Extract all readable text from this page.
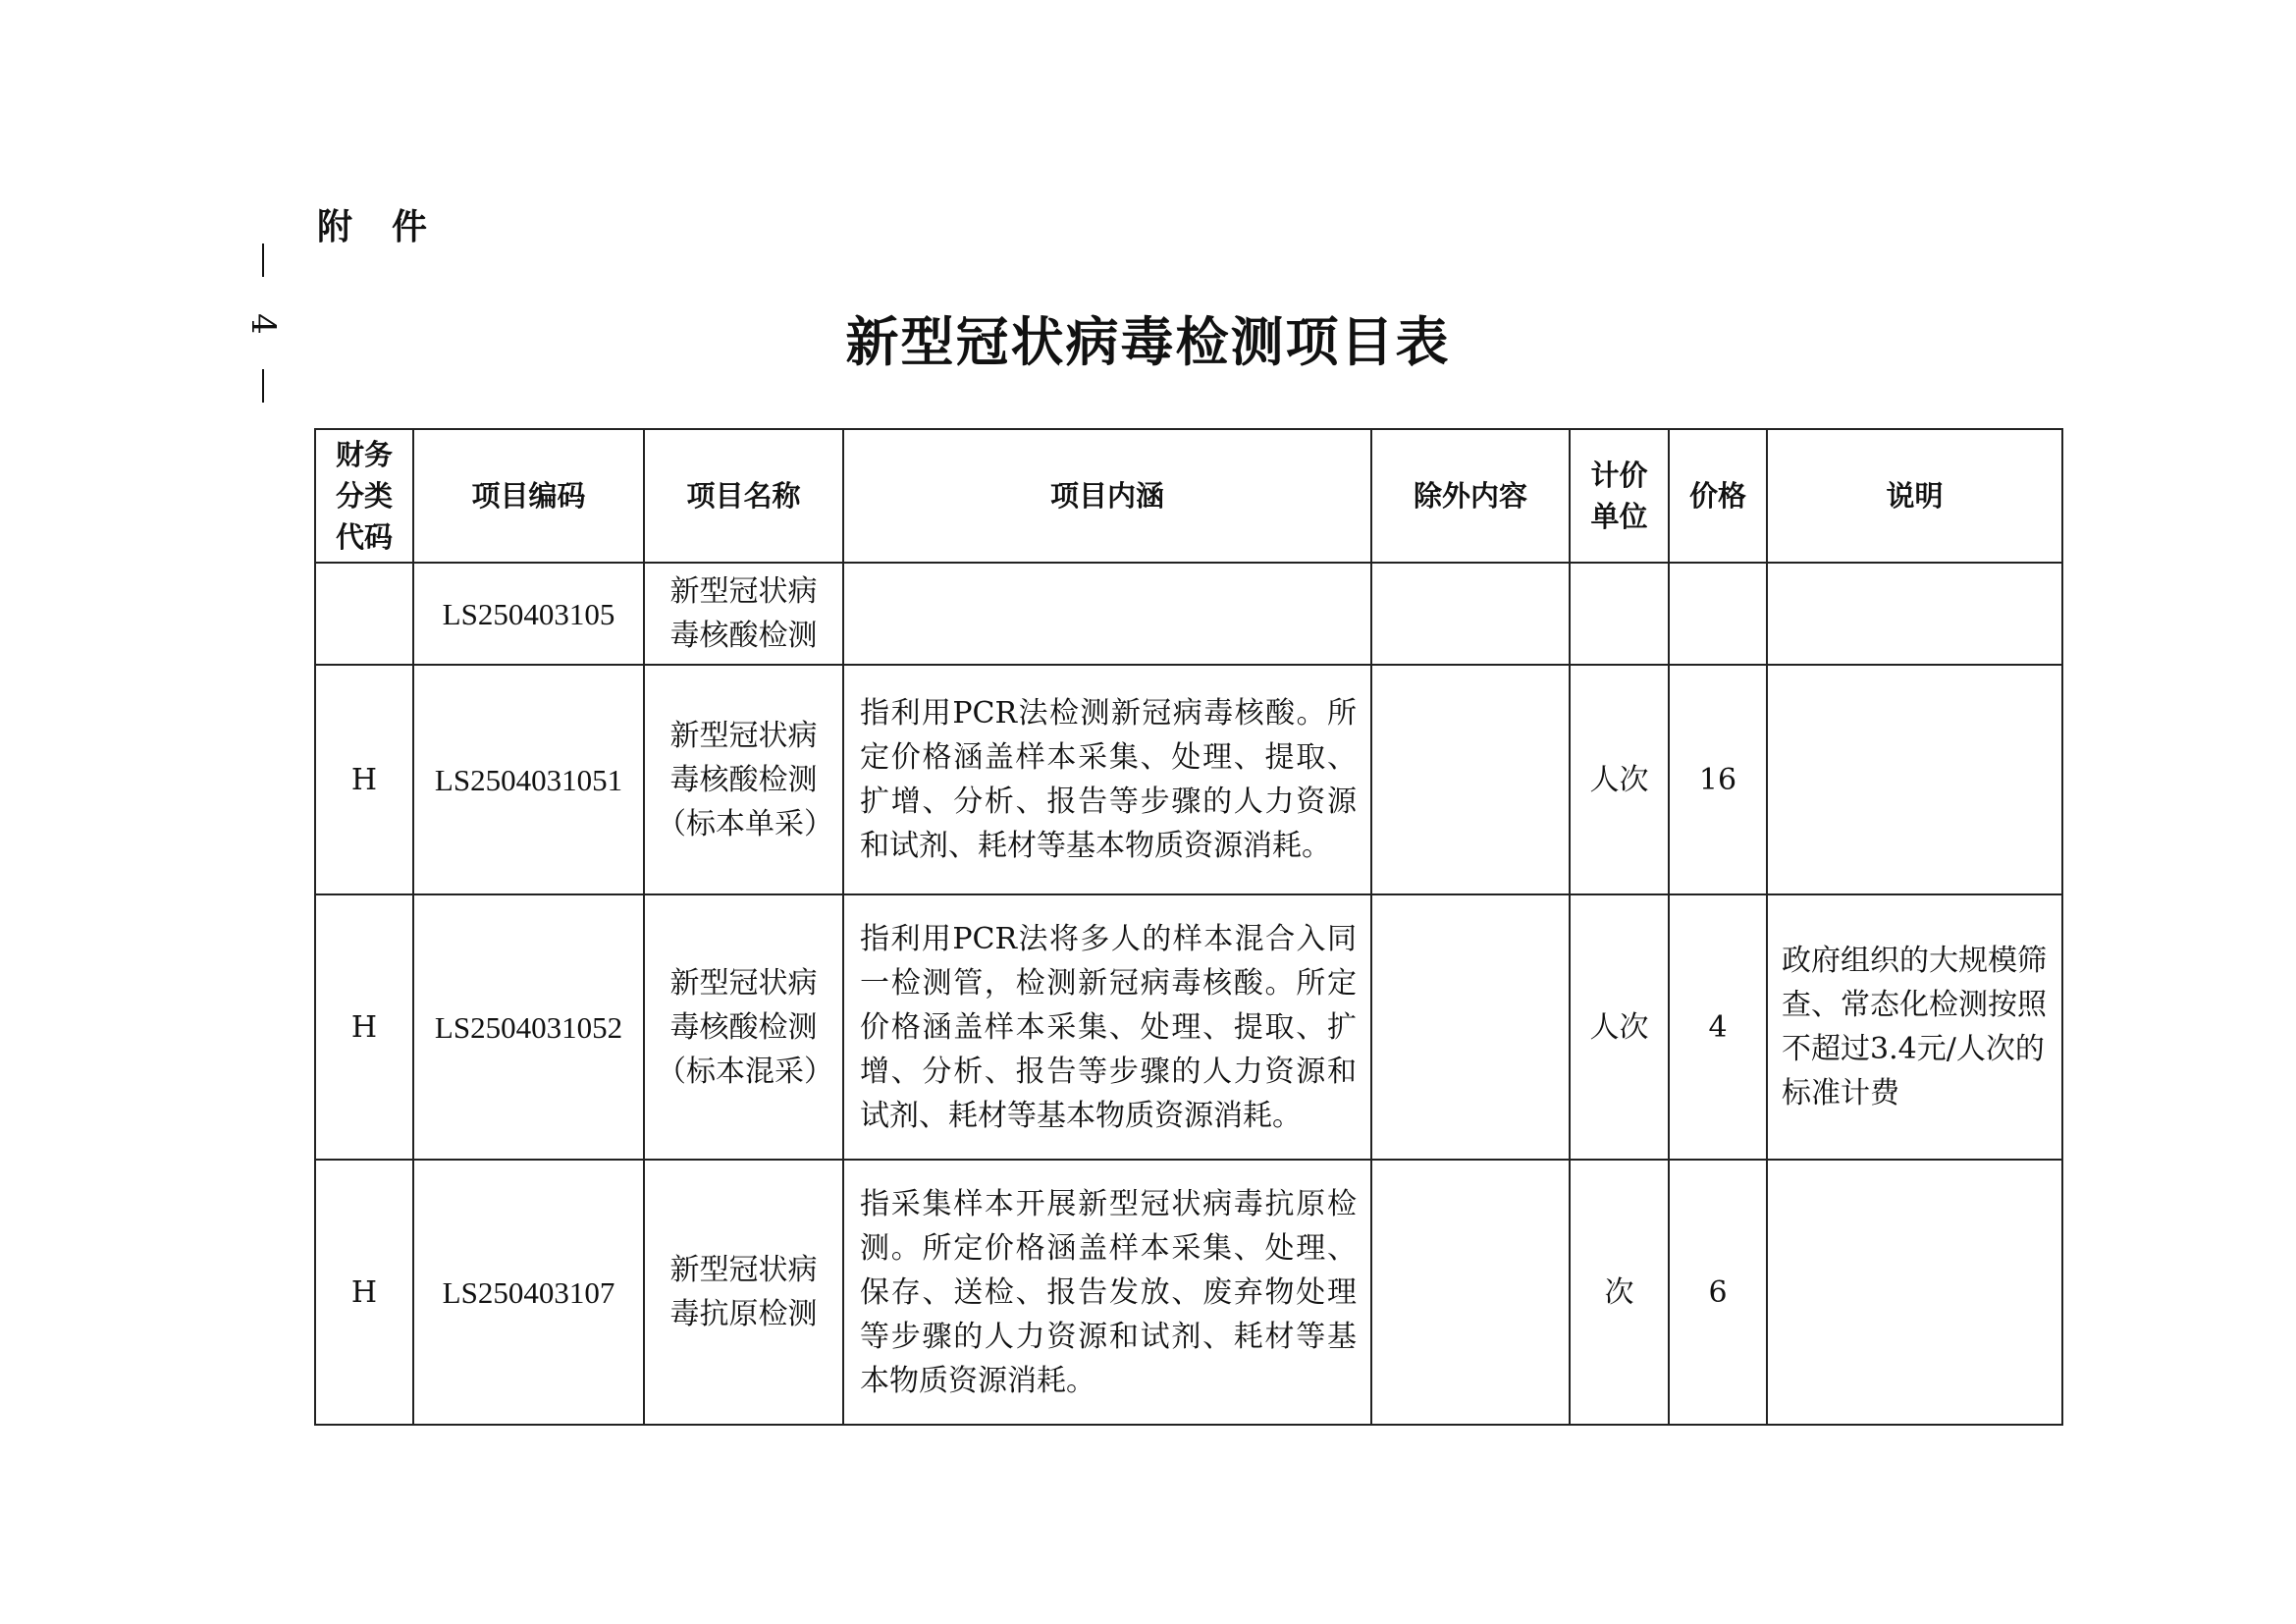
附件
4	新型冠状病毒检测项目表
财务分类代码	项目编码	项目名称	项目内涵	除外内容	计价单位	价格	说明
	LS250403105	新型冠状病毒核酸检测					
H	LS2504031051	新型冠状病毒核酸检测（标本单采）	指利用PCR法检测新冠病毒核酸。所定价格涵盖样本采集、处理、提取、扩增、分析、报告等步骤的人力资源和试剂、耗材等基本物质资源消耗。		人次	16	
H	LS2504031052	新型冠状病毒核酸检测（标本混采）	指利用PCR法将多人的样本混合入同一检测管，检测新冠病毒核酸。所定价格涵盖样本采集、处理、提取、扩增、分析、报告等步骤的人力资源和试剂、耗材等基本物质资源消耗。		人次	4	政府组织的大规模筛查、常态化检测按照不超过3.4元/人次的标准计费
H	LS250403107	新型冠状病毒抗原检测	指采集样本开展新型冠状病毒抗原检测。所定价格涵盖样本采集、处理、保存、送检、报告发放、废弃物处理等步骤的人力资源和试剂、耗材等基本物质资源消耗。		次	6	
